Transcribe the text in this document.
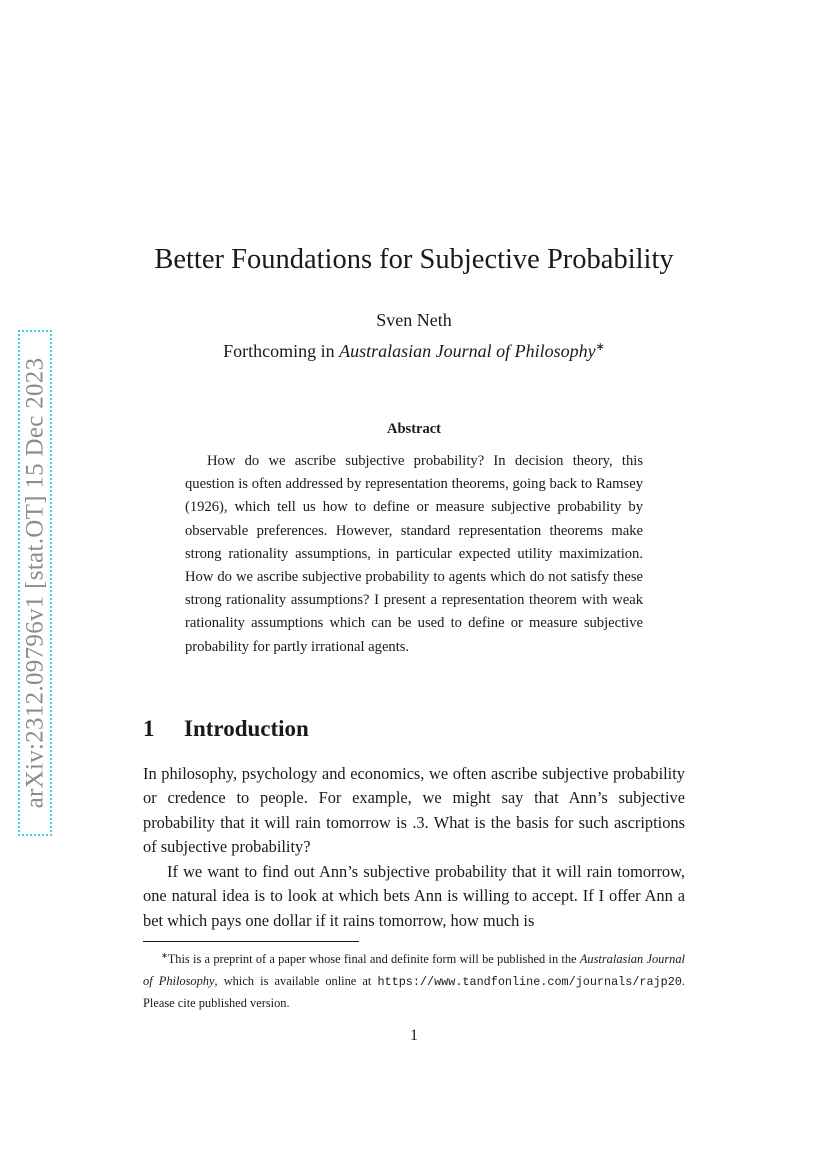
arXiv:2312.09796v1 [stat.OT] 15 Dec 2023
Better Foundations for Subjective Probability
Sven Neth
Forthcoming in Australasian Journal of Philosophy∗
Abstract

How do we ascribe subjective probability? In decision theory, this question is often addressed by representation theorems, going back to Ramsey (1926), which tell us how to define or measure subjective probability by observable preferences. However, standard representation theorems make strong rationality assumptions, in particular expected utility maximization. How do we ascribe subjective probability to agents which do not satisfy these strong rationality assumptions? I present a representation theorem with weak rationality assumptions which can be used to define or measure subjective probability for partly irrational agents.

1 Introduction

In philosophy, psychology and economics, we often ascribe subjective probability or credence to people. For example, we might say that Ann’s subjective probability that it will rain tomorrow is .3. What is the basis for such ascriptions of subjective probability?

If we want to find out Ann’s subjective probability that it will rain tomorrow, one natural idea is to look at which bets Ann is willing to accept. If I offer Ann a bet which pays one dollar if it rains tomorrow, how much is

∗This is a preprint of a paper whose final and definite form will be published in the Australasian Journal of Philosophy, which is available online at https://www.tandfonline.com/journals/rajp20. Please cite published version.

1
